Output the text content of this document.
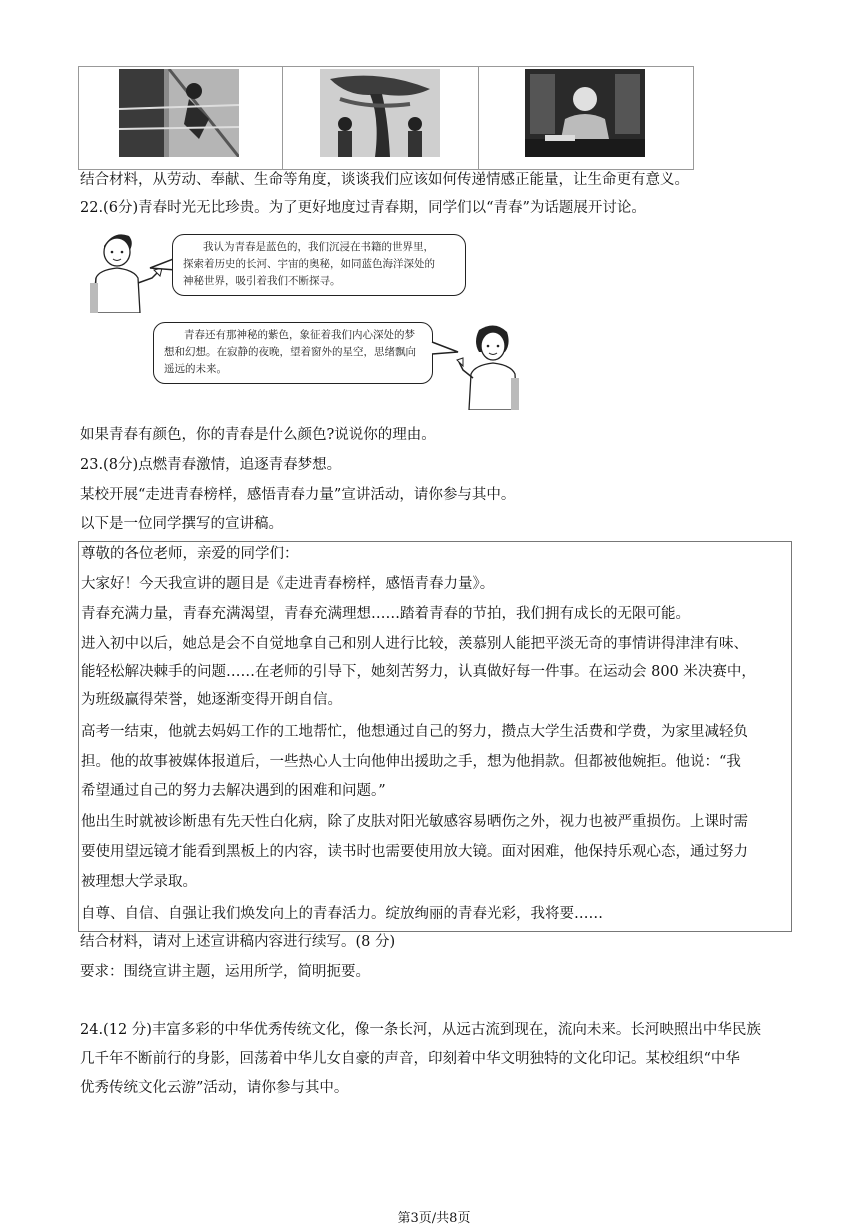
结合材料，从劳动、奉献、生命等角度，谈谈我们应该如何传递情感正能量，让生命更有意义。
22.(6分)青春时光无比珍贵。为了更好地度过青春期，同学们以“青春”为话题展开讨论。
我认为青春是蓝色的，我们沉浸在书籍的世界里，
探索着历史的长河、宇宙的奥秘，如同蓝色海洋深处的
神秘世界，吸引着我们不断探寻。
青春还有那神秘的紫色，象征着我们内心深处的梦
想和幻想。在寂静的夜晚，望着窗外的星空，思绪飘向
遥远的未来。
如果青春有颜色，你的青春是什么颜色?说说你的理由。
23.(8分)点燃青春激情，追逐青春梦想。
某校开展“走进青春榜样，感悟青春力量”宣讲活动，请你参与其中。
以下是一位同学撰写的宣讲稿。
尊敬的各位老师，亲爱的同学们：
大家好！今天我宣讲的题目是《走进青春榜样，感悟青春力量》。
青春充满力量，青春充满渴望，青春充满理想……踏着青春的节拍，我们拥有成长的无限可能。
进入初中以后，她总是会不自觉地拿自己和别人进行比较，羡慕别人能把平淡无奇的事情讲得津津有味、
能轻松解决棘手的问题……在老师的引导下，她刻苦努力，认真做好每一件事。在运动会 800 米决赛中，
为班级赢得荣誉，她逐渐变得开朗自信。
高考一结束，他就去妈妈工作的工地帮忙，他想通过自己的努力，攒点大学生活费和学费，为家里减轻负
担。他的故事被媒体报道后，一些热心人士向他伸出援助之手，想为他捐款。但都被他婉拒。他说：“我
希望通过自己的努力去解决遇到的困难和问题。”
他出生时就被诊断患有先天性白化病，除了皮肤对阳光敏感容易晒伤之外，视力也被严重损伤。上课时需
要使用望远镜才能看到黑板上的内容，读书时也需要使用放大镜。面对困难，他保持乐观心态，通过努力
被理想大学录取。
自尊、自信、自强让我们焕发向上的青春活力。绽放绚丽的青春光彩，我将要……
结合材料，请对上述宣讲稿内容进行续写。(8 分)
要求：围绕宣讲主题，运用所学，简明扼要。
24.(12 分)丰富多彩的中华优秀传统文化，像一条长河，从远古流到现在，流向未来。长河映照出中华民族
几千年不断前行的身影，回荡着中华儿女自豪的声音，印刻着中华文明独特的文化印记。某校组织“中华
优秀传统文化云游”活动，请你参与其中。
第3页/共8页
